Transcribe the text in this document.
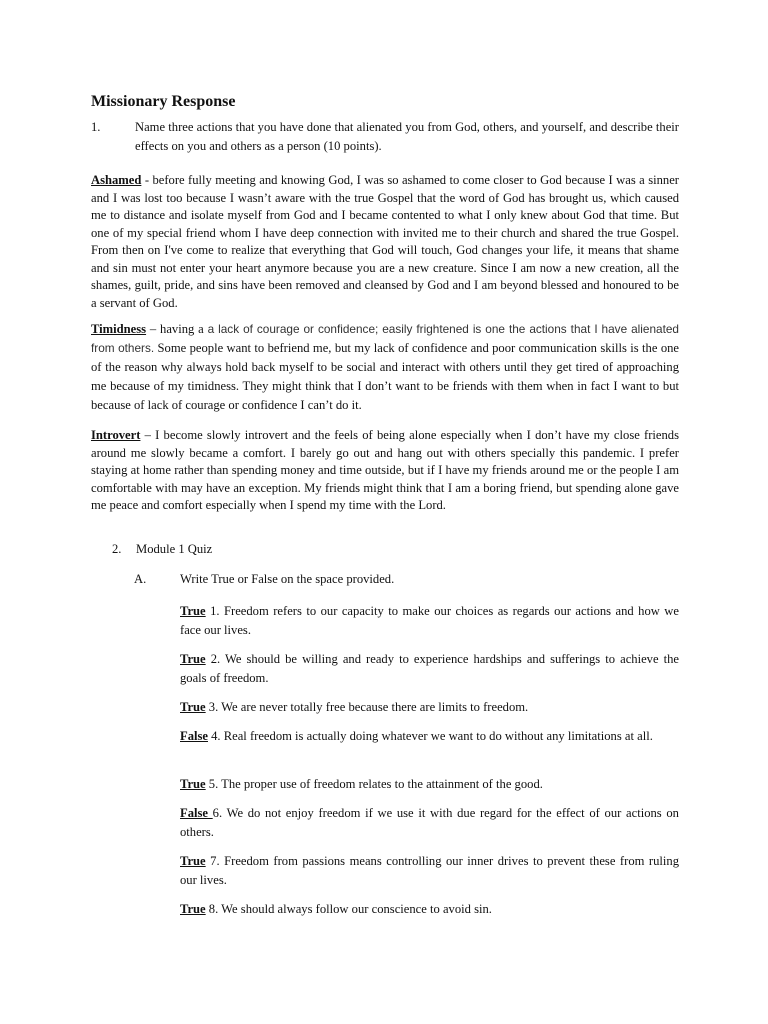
Missionary Response
1.	Name three actions that you have done that alienated you from God, others, and yourself, and describe their effects on you and others as a person (10 points).

Ashamed - before fully meeting and knowing God, I was so ashamed to come closer to God because I was a sinner and I was lost too because I wasn’t aware with the true Gospel that the word of God has brought us, which caused me to distance and isolate myself from God and I became contented to what I only knew about God that time. But one of my special friend whom I have deep connection with invited me to their church and shared the true Gospel. From then on I've come to realize that everything that God will touch, God changes your life, it means that shame and sin must not enter your heart anymore because you are a new creature. Since I am now a new creation, all the shames, guilt, pride, and sins have been removed and cleansed by God and I am beyond blessed and honoured to be a servant of God.

Timidness – having a a lack of courage or confidence; easily frightened is one the actions that I have alienated from others. Some people want to befriend me, but my lack of confidence and poor communication skills is the one of the reason why always hold back myself to be social and interact with others until they get tired of approaching me because of my timidness. They might think that I don’t want to be friends with them when in fact I want to but because of lack of courage or confidence I can’t do it.

Introvert – I become slowly introvert and the feels of being alone especially when I don’t have my close friends around me slowly became a comfort. I barely go out and hang out with others specially this pandemic. I prefer staying at home rather than spending money and time outside, but if I have my friends around me or the people I am comfortable with may have an exception. My friends might think that I am a boring friend, but spending alone gave me peace and comfort especially when I spend my time with the Lord.

2. Module 1 Quiz
A.	Write True or False on the space provided.

True 1. Freedom refers to our capacity to make our choices as regards our actions and how we face our lives.

True 2. We should be willing and ready to experience hardships and sufferings to achieve the goals of freedom.

True 3. We are never totally free because there are limits to freedom.

False 4. Real freedom is actually doing whatever we want to do without any limitations at all.

True 5. The proper use of freedom relates to the attainment of the good.

False 6. We do not enjoy freedom if we use it with due regard for the effect of our actions on others.

True 7. Freedom from passions means controlling our inner drives to prevent these from ruling our lives.

True 8. We should always follow our conscience to avoid sin.
